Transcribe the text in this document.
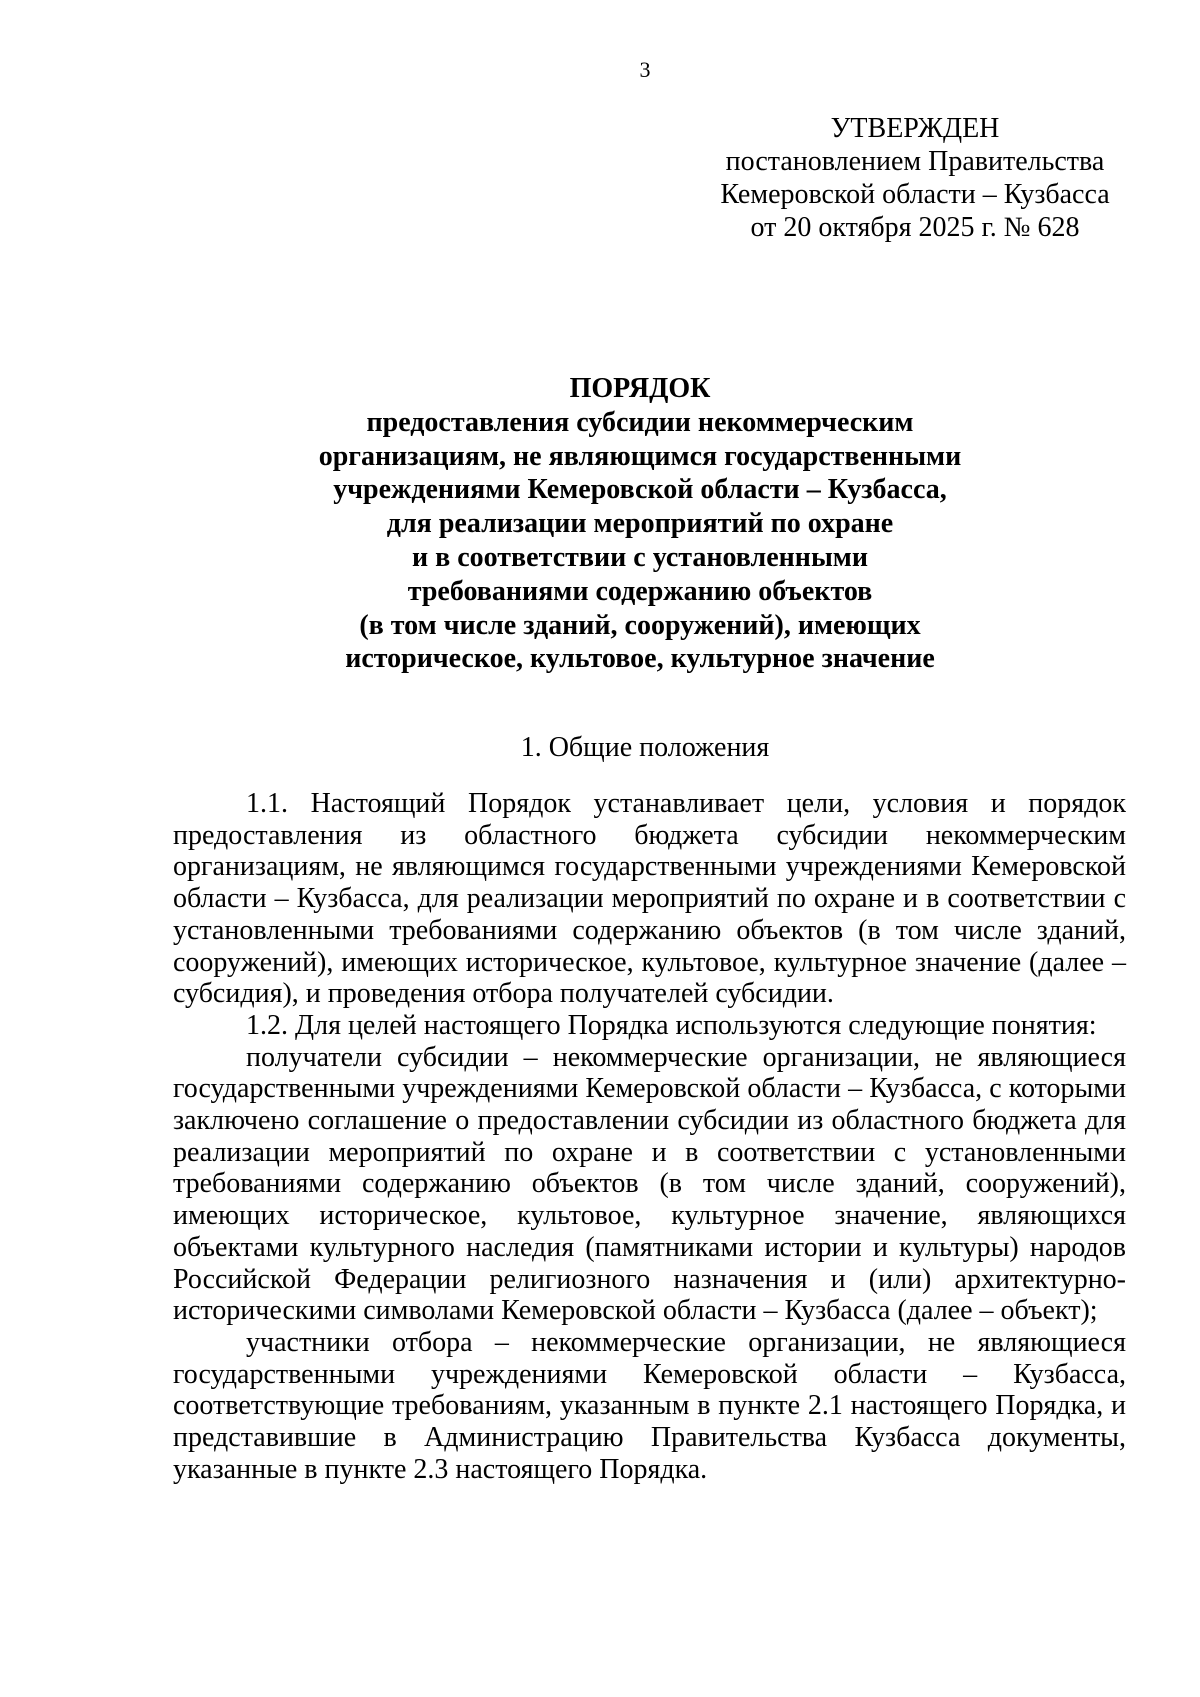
3
УТВЕРЖДЕН
постановлением Правительства
Кемеровской области – Кузбасса
от 20 октября 2025 г. № 628
ПОРЯДОК
предоставления субсидии некоммерческим
организациям, не являющимся государственными
учреждениями Кемеровской области – Кузбасса,
для реализации мероприятий по охране
и в соответствии с установленными
требованиями содержанию объектов
(в том числе зданий, сооружений), имеющих
историческое, культовое, культурное значение
1. Общие положения

1.1. Настоящий Порядок устанавливает цели, условия и порядок предоставления из областного бюджета субсидии некоммерческим организациям, не являющимся государственными учреждениями Кемеровской области – Кузбасса, для реализации мероприятий по охране и в соответствии с установленными требованиями содержанию объектов (в том числе зданий, сооружений), имеющих историческое, культовое, культурное значение (далее – субсидия), и проведения отбора получателей субсидии.

1.2. Для целей настоящего Порядка используются следующие понятия:

получатели субсидии – некоммерческие организации, не являющиеся государственными учреждениями Кемеровской области – Кузбасса, с которыми заключено соглашение о предоставлении субсидии из областного бюджета для реализации мероприятий по охране и в соответствии с установленными требованиями содержанию объектов (в том числе зданий, сооружений), имеющих историческое, культовое, культурное значение, являющихся объектами культурного наследия (памятниками истории и культуры) народов Российской Федерации религиозного назначения и (или) архитектурно-историческими символами Кемеровской области – Кузбасса (далее – объект);

участники отбора – некоммерческие организации, не являющиеся государственными учреждениями Кемеровской области – Кузбасса, соответствующие требованиям, указанным в пункте 2.1 настоящего Порядка, и представившие в Администрацию Правительства Кузбасса документы, указанные в пункте 2.3 настоящего Порядка.
